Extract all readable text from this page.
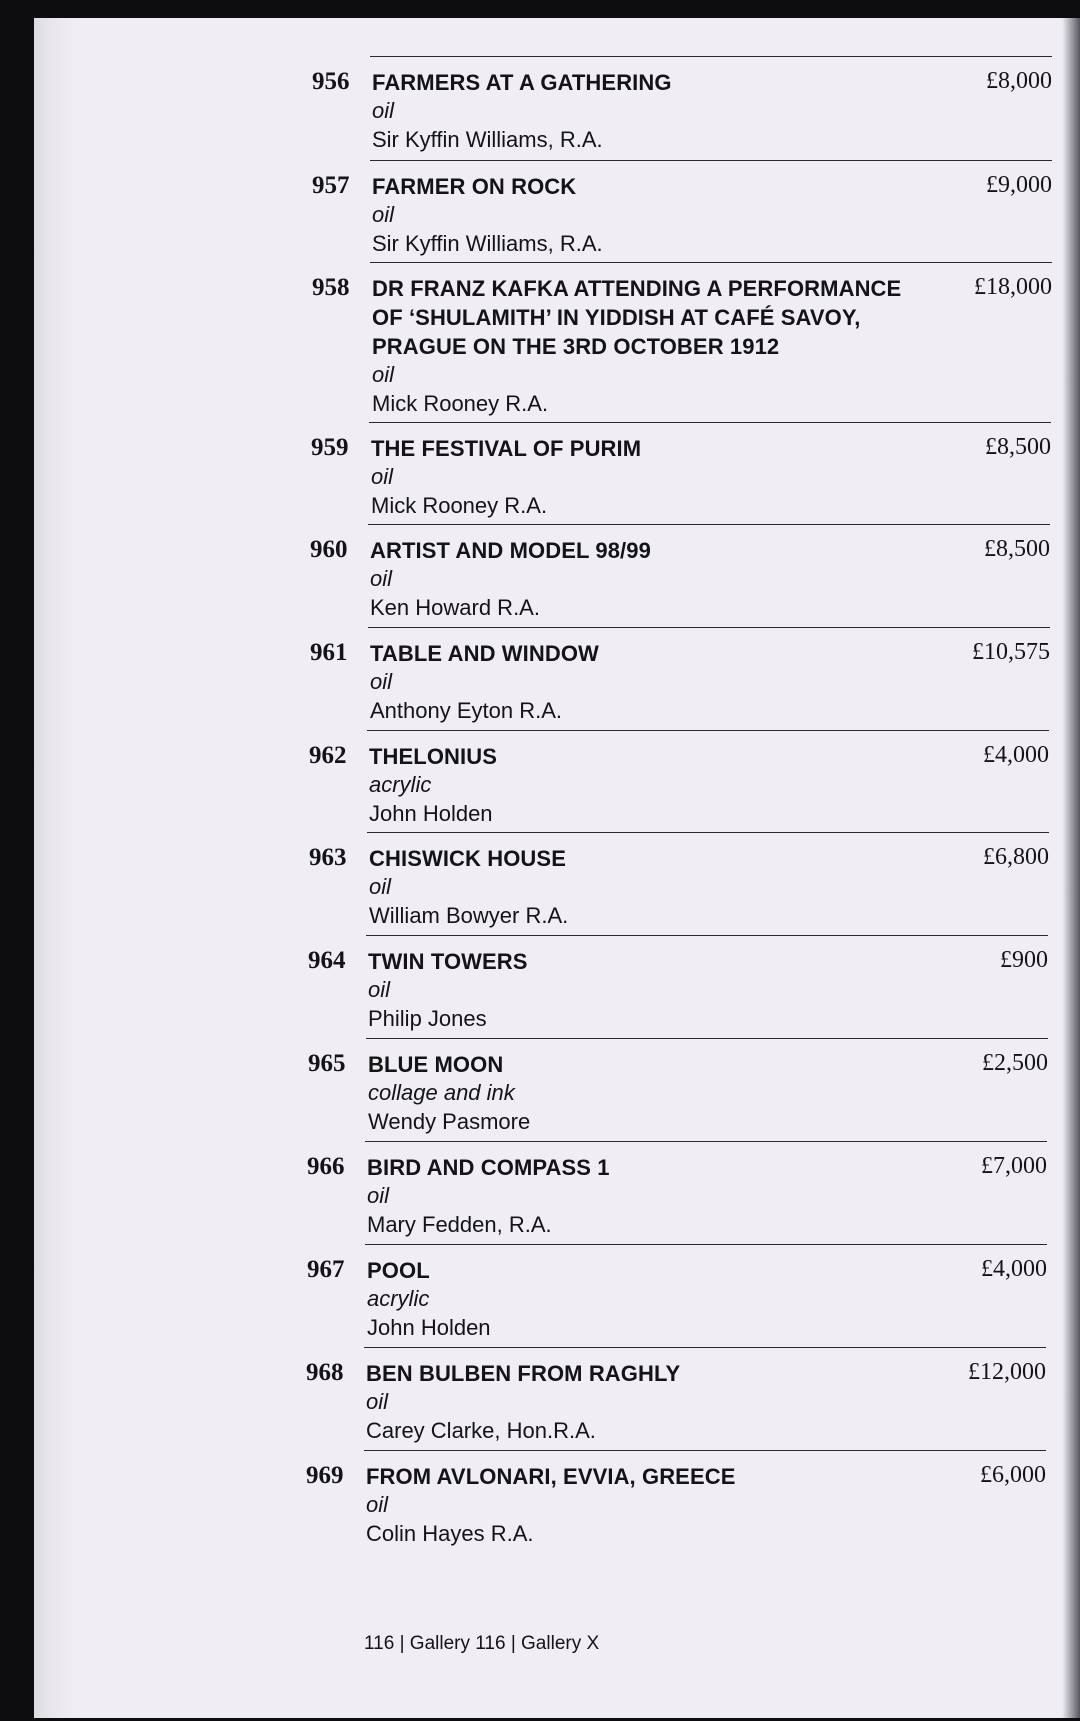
956 FARMERS AT A GATHERING
oil
Sir Kyffin Williams, R.A.
£8,000
957 FARMER ON ROCK
oil
Sir Kyffin Williams, R.A.
£9,000
958 DR FRANZ KAFKA ATTENDING A PERFORMANCE OF ‘SHULAMITH’ IN YIDDISH AT CAFÉ SAVOY, PRAGUE ON THE 3RD OCTOBER 1912
oil
Mick Rooney R.A.
£18,000
959 THE FESTIVAL OF PURIM
oil
Mick Rooney R.A.
£8,500
960 ARTIST AND MODEL 98/99
oil
Ken Howard R.A.
£8,500
961 TABLE AND WINDOW
oil
Anthony Eyton R.A.
£10,575
962 THELONIUS
acrylic
John Holden
£4,000
963 CHISWICK HOUSE
oil
William Bowyer R.A.
£6,800
964 TWIN TOWERS
oil
Philip Jones
£900
965 BLUE MOON
collage and ink
Wendy Pasmore
£2,500
966 BIRD AND COMPASS 1
oil
Mary Fedden, R.A.
£7,000
967 POOL
acrylic
John Holden
£4,000
968 BEN BULBEN FROM RAGHLY
oil
Carey Clarke, Hon.R.A.
£12,000
969 FROM AVLONARI, EVVIA, GREECE
oil
Colin Hayes R.A.
£6,000
116 | Gallery 116 | Gallery X
